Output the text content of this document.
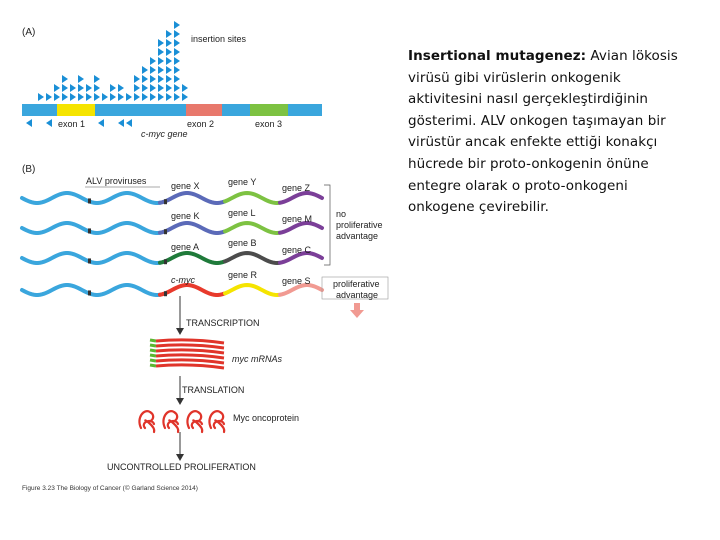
(A)
insertion sites
exon 1	exon 2	exon 3
c-myc gene
(B)
ALV proviruses	gene X	gene Y
gene Z
gene K	gene L
gene M
gene A	gene B
gene C
c-myc	gene R
gene S
no
proliferative
advantage
proliferative
advantage
TRANSCRIPTION
myc mRNAs
TRANSLATION
Myc oncoprotein
UNCONTROLLED PROLIFERATION
Figure 3.23 The Biology of Cancer (© Garland Science 2014)
Insertional mutagenez: Avian lökosis virüsü gibi virüslerin onkogenik aktivitesini nasıl gerçekleştirdiğinin gösterimi. ALV onkogen taşımayan bir virüstür ancak enfekte ettiği konakçı hücrede bir proto-onkogenin önüne entegre olarak o proto-onkogeni onkogene çevirebilir.
